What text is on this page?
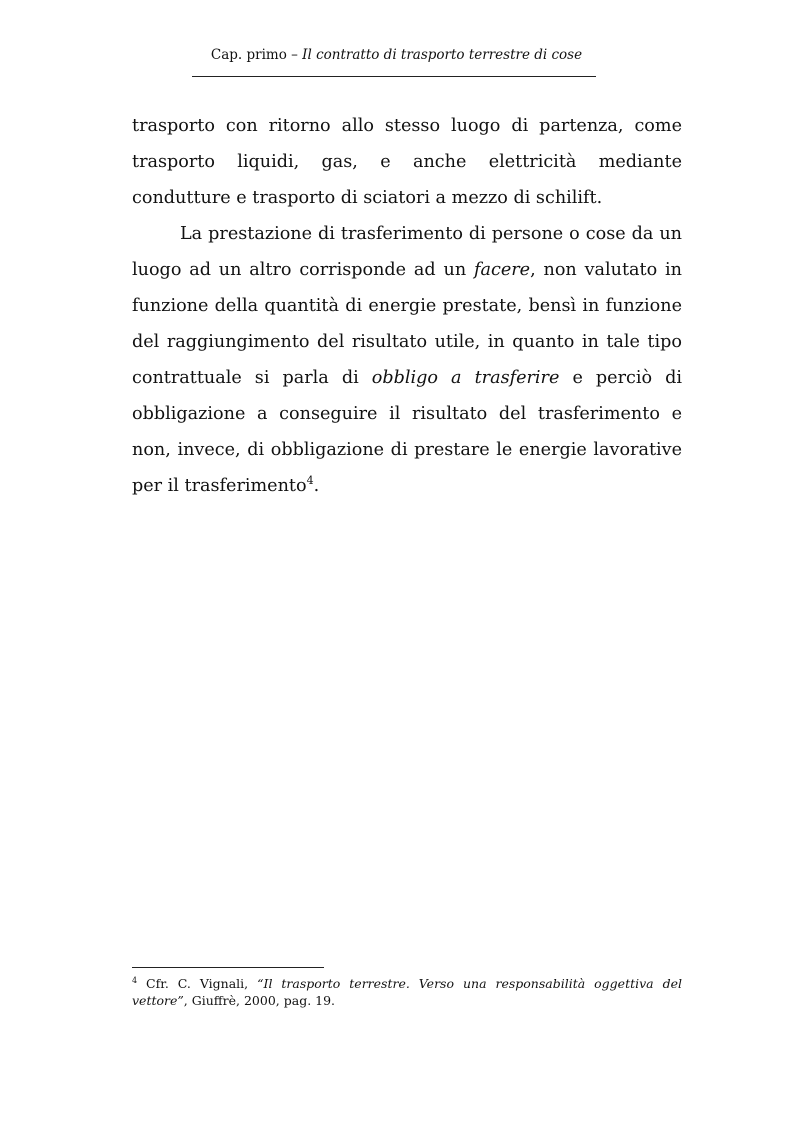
Cap. primo – Il contratto di trasporto terrestre di cose

trasporto con ritorno allo stesso luogo di partenza, come trasporto liquidi, gas, e anche elettricità mediante condutture e trasporto di sciatori a mezzo di schilift.

La prestazione di trasferimento di persone o cose da un luogo ad un altro corrisponde ad un facere, non valutato in funzione della quantità di energie prestate, bensì in funzione del raggiungimento del risultato utile, in quanto in tale tipo contrattuale si parla di obbligo a trasferire e perciò di obbligazione a conseguire il risultato del trasferimento e non, invece, di obbligazione di prestare le energie lavorative per il trasferimento$^4$.

$^4$ Cfr. C. Vignali, “Il trasporto terrestre. Verso una responsabilità oggettiva del vettore”, Giuffrè, 2000, pag. 19.
